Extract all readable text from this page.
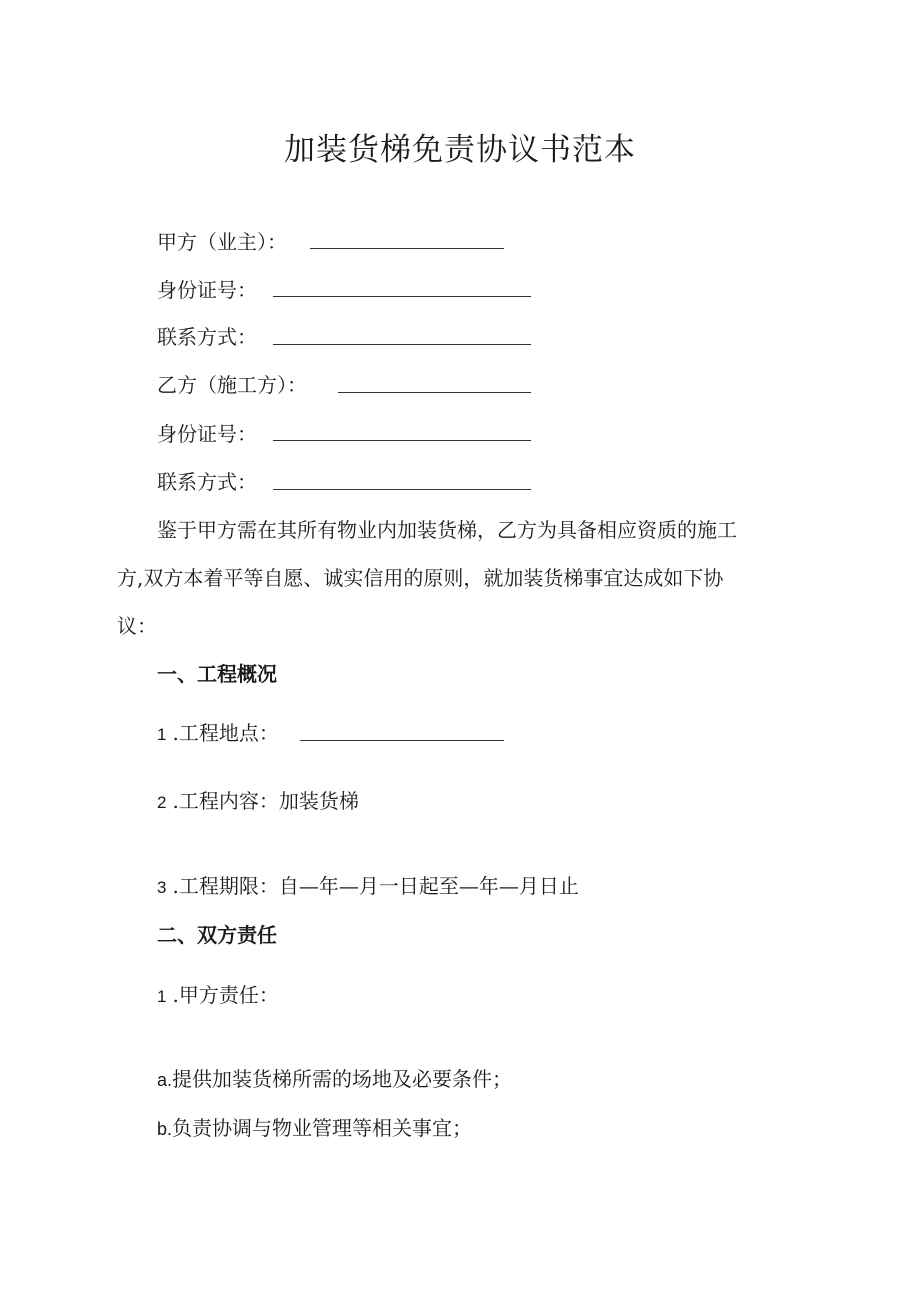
加装货梯免责协议书范本
甲方（业主）：
身份证号：
联系方式：
乙方（施工方）：
身份证号：
联系方式：
鉴于甲方需在其所有物业内加装货梯，乙方为具备相应资质的施工
方,双方本着平等自愿、诚实信用的原则，就加装货梯事宜达成如下协
议：
一、工程概况
1 .工程地点：
2 .工程内容：加装货梯
3 .工程期限：自—年—月一日起至—年—月日止
二、双方责任
1 .甲方责任：
a.提供加装货梯所需的场地及必要条件；
b.负责协调与物业管理等相关事宜；
